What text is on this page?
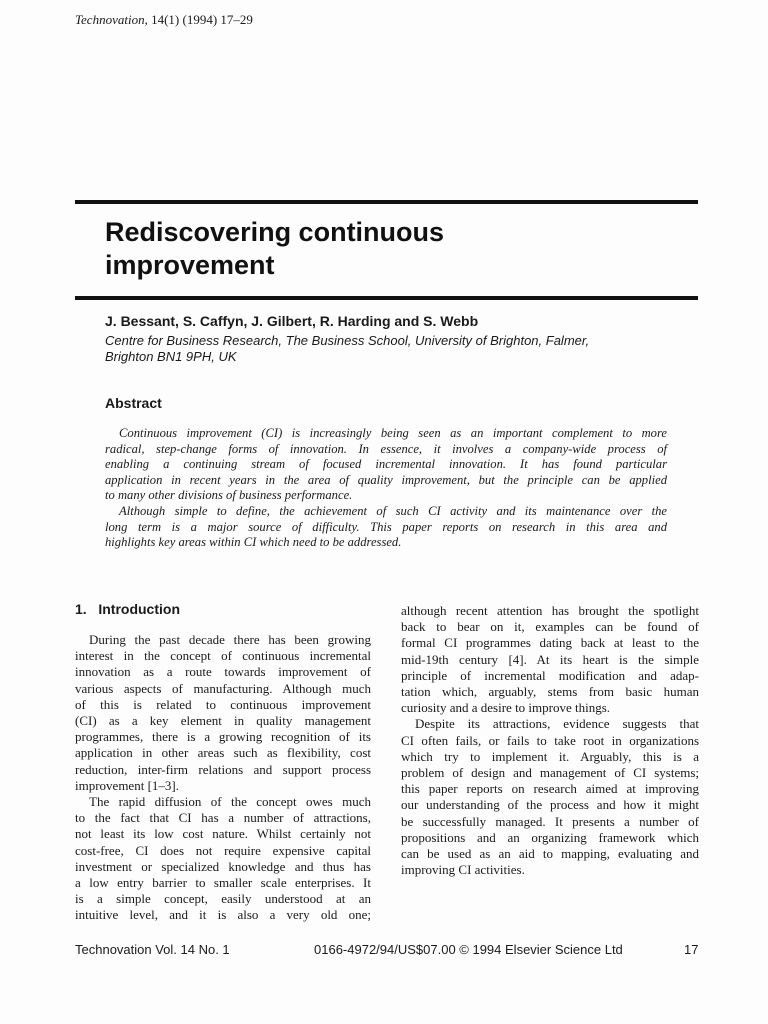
Technovation, 14(1) (1994) 17–29
Rediscovering continuous
improvement
J. Bessant, S. Caffyn, J. Gilbert, R. Harding and S. Webb
Centre for Business Research, The Business School, University of Brighton, Falmer,
Brighton BN1 9PH, UK
Abstract
Continuous improvement (CI) is increasingly being seen as an important complement to more
radical, step-change forms of innovation. In essence, it involves a company-wide process of
enabling a continuing stream of focused incremental innovation. It has found particular
application in recent years in the area of quality improvement, but the principle can be applied
to many other divisions of business performance.
Although simple to define, the achievement of such CI activity and its maintenance over the
long term is a major source of difficulty. This paper reports on research in this area and
highlights key areas within CI which need to be addressed.
1.   Introduction
During the past decade there has been growing
interest in the concept of continuous incremental
innovation as a route towards improvement of
various aspects of manufacturing. Although much
of this is related to continuous improvement
(CI) as a key element in quality management
programmes, there is a growing recognition of its
application in other areas such as flexibility, cost
reduction, inter-firm relations and support process
improvement [1–3].
The rapid diffusion of the concept owes much
to the fact that CI has a number of attractions,
not least its low cost nature. Whilst certainly not
cost-free, CI does not require expensive capital
investment or specialized knowledge and thus has
a low entry barrier to smaller scale enterprises. It
is a simple concept, easily understood at an
intuitive level, and it is also a very old one;
although recent attention has brought the spotlight
back to bear on it, examples can be found of
formal CI programmes dating back at least to the
mid-19th century [4]. At its heart is the simple
principle of incremental modification and adap-
tation which, arguably, stems from basic human
curiosity and a desire to improve things.
Despite its attractions, evidence suggests that
CI often fails, or fails to take root in organizations
which try to implement it. Arguably, this is a
problem of design and management of CI systems;
this paper reports on research aimed at improving
our understanding of the process and how it might
be successfully managed. It presents a number of
propositions and an organizing framework which
can be used as an aid to mapping, evaluating and
improving CI activities.
Technovation Vol. 14 No. 1	0166-4972/94/US$07.00 © 1994 Elsevier Science Ltd	17
